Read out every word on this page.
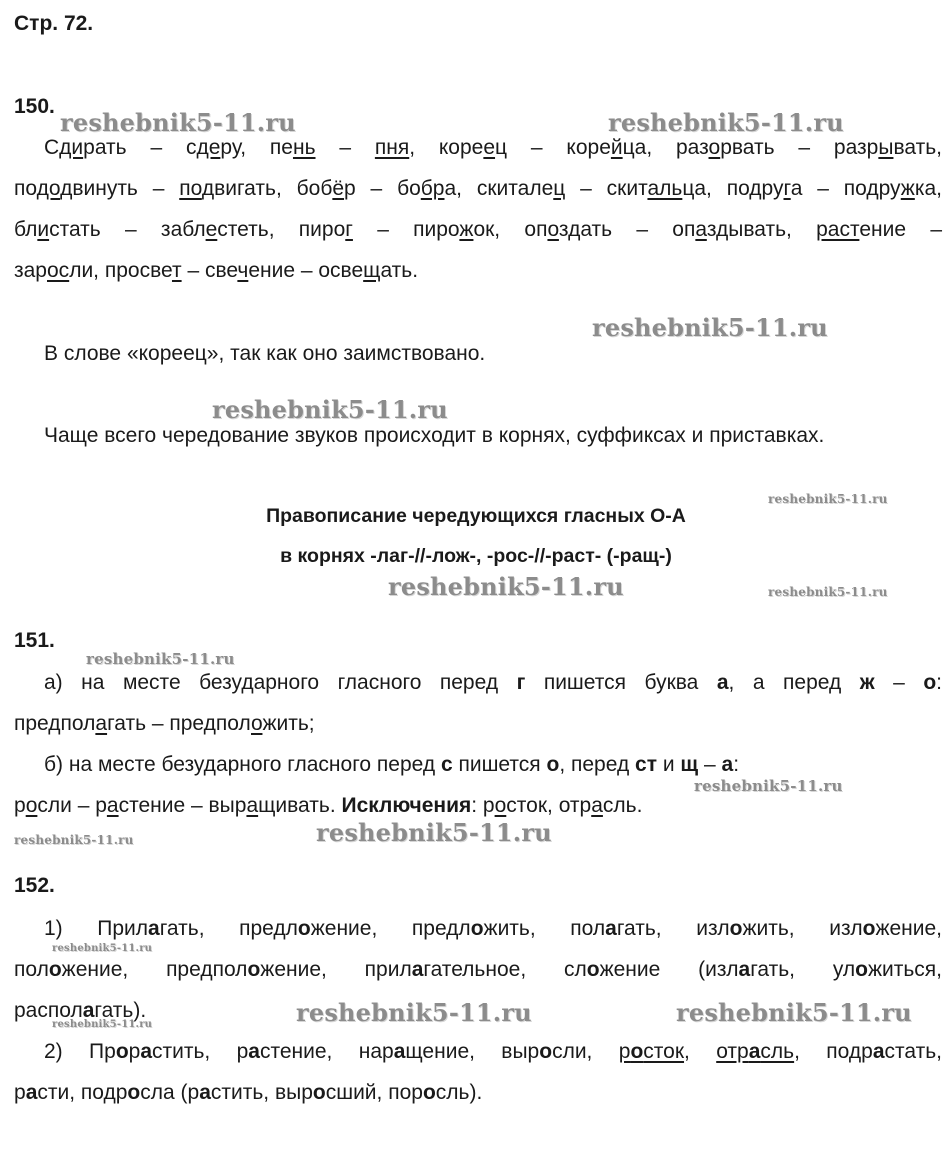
Стр. 72.
reshebnik5-11.ru	reshebnik5-11.ru
reshebnik5-11.ru
reshebnik5-11.ru
reshebnik5-11.ru
reshebnik5-11.ru	reshebnik5-11.ru
reshebnik5-11.ru
reshebnik5-11.ru
reshebnik5-11.ru	reshebnik5-11.ru
reshebnik5-11.ru
reshebnik5-11.ru	reshebnik5-11.ru
reshebnik5-11.ru
150.
Сдирать – сдеру, пень – пня, кореец – корейца, разорвать – разрывать,
пододвинуть – подвигать, бобёр – бобра, скиталец – скитальца, подруга – подружка,
блистать – заблестеть, пирог – пирожок, опоздать – опаздывать, растение –
заросли, просвет – свечение – освещать.
В слове «кореец», так как оно заимствовано.
Чаще всего чередование звуков происходит в корнях, суффиксах и приставках.
Правописание чередующихся гласных О-А
в корнях -лаг-//-лож-, -рос-//-раст- (-ращ-)
151.
а) на месте безударного гласного перед г пишется буква а, а перед ж – о:
предполагать – предположить;
б) на месте безударного гласного перед с пишется о, перед ст и щ – а:
росли – растение – выращивать. Исключения: росток, отрасль.
152.
1) Прилагать, предложение, предложить, полагать, изложить, изложение,
положение, предположение, прилагательное, сложение (излагать, уложиться,
располагать).
2) Прорастить, растение, наращение, выросли, росток, отрасль, подрастать,
расти, подросла (растить, выросший, поросль).
